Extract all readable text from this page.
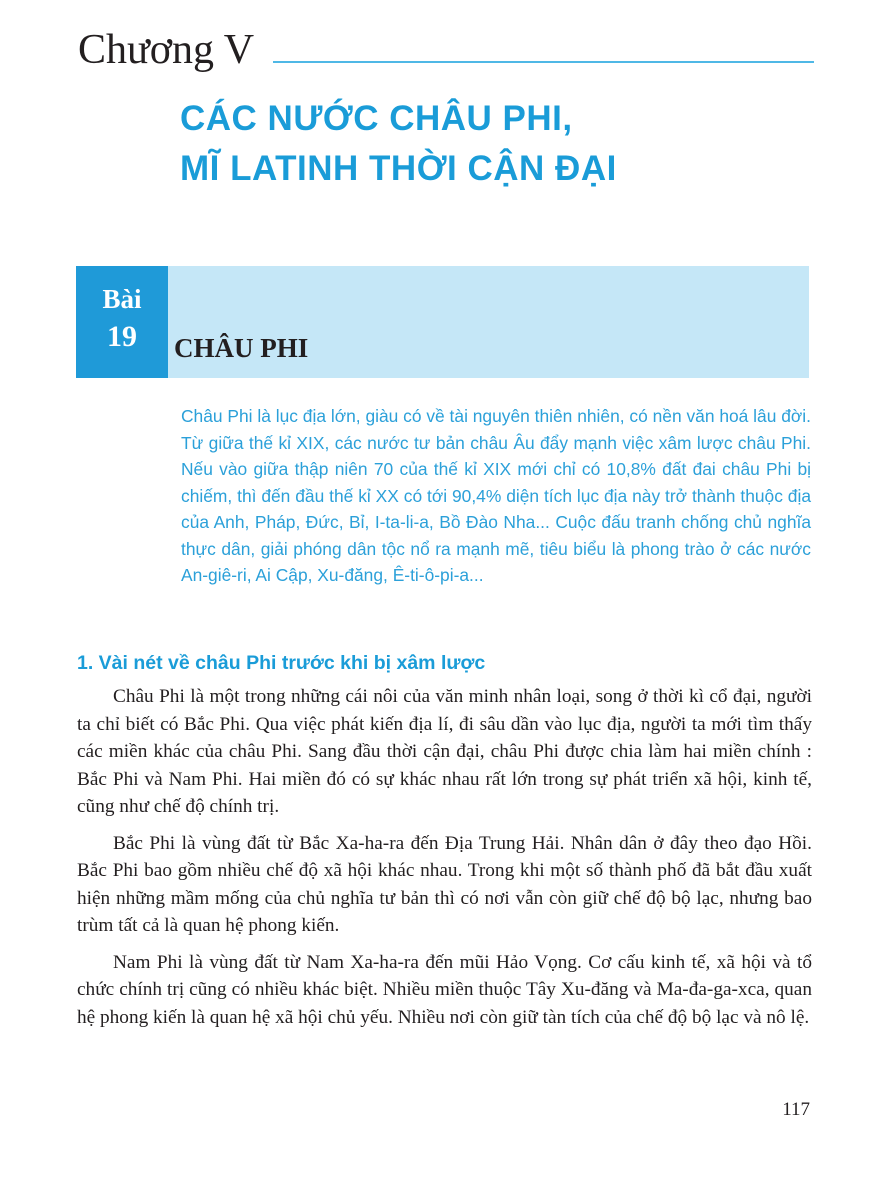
Chương V
CÁC NƯỚC CHÂU PHI,
MĨ LATINH THỜI CẬN ĐẠI
Bài
19	CHÂU PHI
Châu Phi là lục địa lớn, giàu có về tài nguyên thiên nhiên, có nền văn hoá lâu đời. Từ giữa thế kỉ XIX, các nước tư bản châu Âu đẩy mạnh việc xâm lược châu Phi. Nếu vào giữa thập niên 70 của thế kỉ XIX mới chỉ có 10,8% đất đai châu Phi bị chiếm, thì đến đầu thế kỉ XX có tới 90,4% diện tích lục địa này trở thành thuộc địa của Anh, Pháp, Đức, Bỉ, I-ta-li-a, Bồ Đào Nha... Cuộc đấu tranh chống chủ nghĩa thực dân, giải phóng dân tộc nổ ra mạnh mẽ, tiêu biểu là phong trào ở các nước An-giê-ri, Ai Cập, Xu-đăng, Ê-ti-ô-pi-a...
1. Vài nét về châu Phi trước khi bị xâm lược

Châu Phi là một trong những cái nôi của văn minh nhân loại, song ở thời kì cổ đại, người ta chỉ biết có Bắc Phi. Qua việc phát kiến địa lí, đi sâu dần vào lục địa, người ta mới tìm thấy các miền khác của châu Phi. Sang đầu thời cận đại, châu Phi được chia làm hai miền chính : Bắc Phi và Nam Phi. Hai miền đó có sự khác nhau rất lớn trong sự phát triển xã hội, kinh tế, cũng như chế độ chính trị.

Bắc Phi là vùng đất từ Bắc Xa-ha-ra đến Địa Trung Hải. Nhân dân ở đây theo đạo Hồi. Bắc Phi bao gồm nhiều chế độ xã hội khác nhau. Trong khi một số thành phố đã bắt đầu xuất hiện những mầm mống của chủ nghĩa tư bản thì có nơi vẫn còn giữ chế độ bộ lạc, nhưng bao trùm tất cả là quan hệ phong kiến.

Nam Phi là vùng đất từ Nam Xa-ha-ra đến mũi Hảo Vọng. Cơ cấu kinh tế, xã hội và tổ chức chính trị cũng có nhiều khác biệt. Nhiều miền thuộc Tây Xu-đăng và Ma-đa-ga-xca, quan hệ phong kiến là quan hệ xã hội chủ yếu. Nhiều nơi còn giữ tàn tích của chế độ bộ lạc và nô lệ.

117
